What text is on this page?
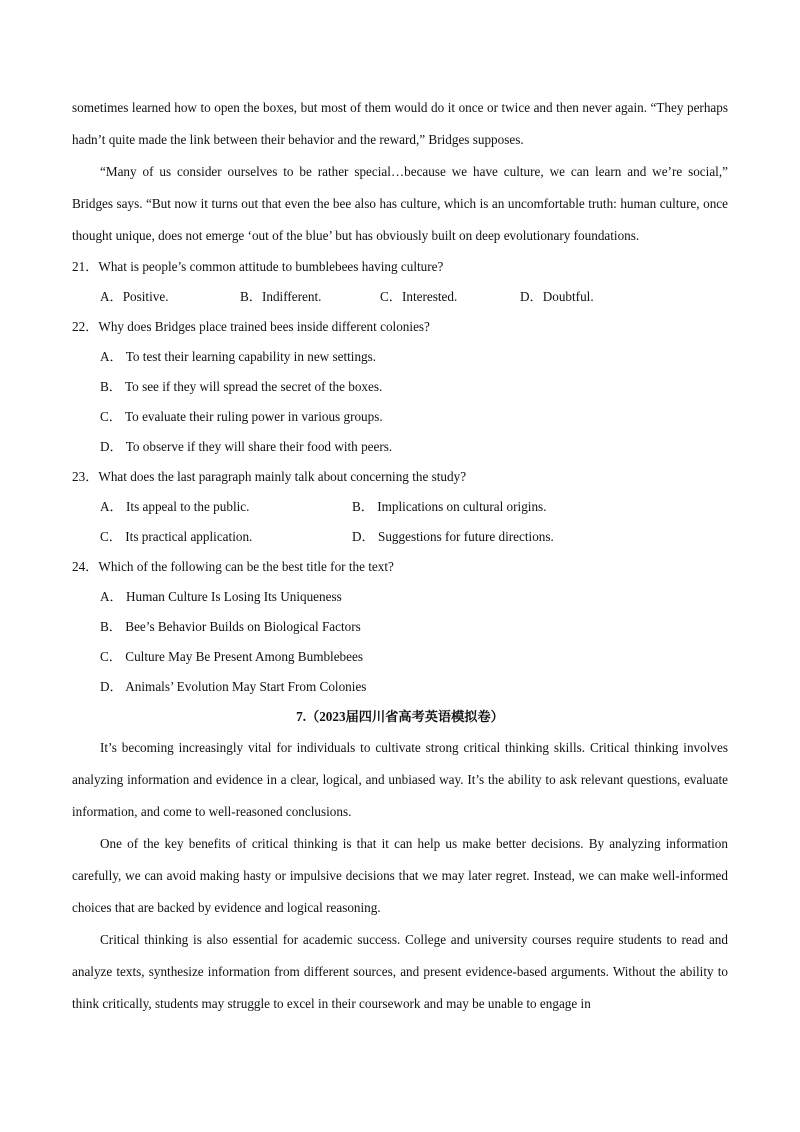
sometimes learned how to open the boxes, but most of them would do it once or twice and then never again. “They perhaps hadn’t quite made the link between their behavior and the reward,” Bridges supposes.

“Many of us consider ourselves to be rather special…because we have culture, we can learn and we’re social,” Bridges says. “But now it turns out that even the bee also has culture, which is an uncomfortable truth: human culture, once thought unique, does not emerge ‘out of the blue’ but has obviously built on deep evolutionary foundations.

21．What is people’s common attitude to bumblebees having culture?

A．Positive.	B．Indifferent.	C．Interested.	D．Doubtful.

22．Why does Bridges place trained bees inside different colonies?

A． To test their learning capability in new settings.

B． To see if they will spread the secret of the boxes.

C． To evaluate their ruling power in various groups.

D． To observe if they will share their food with peers.

23．What does the last paragraph mainly talk about concerning the study?

A． Its appeal to the public.	B． Implications on cultural origins.
C． Its practical application.	D． Suggestions for future directions.

24．Which of the following can be the best title for the text?

A． Human Culture Is Losing Its Uniqueness

B． Bee’s Behavior Builds on Biological Factors

C． Culture May Be Present Among Bumblebees

D． Animals’ Evolution May Start From Colonies

7.（2023届四川省高考英语模拟卷）

It’s becoming increasingly vital for individuals to cultivate strong critical thinking skills. Critical thinking involves analyzing information and evidence in a clear, logical, and unbiased way. It’s the ability to ask relevant questions, evaluate information, and come to well-reasoned conclusions.

One of the key benefits of critical thinking is that it can help us make better decisions. By analyzing information carefully, we can avoid making hasty or impulsive decisions that we may later regret. Instead, we can make well-informed choices that are backed by evidence and logical reasoning.

Critical thinking is also essential for academic success. College and university courses require students to read and analyze texts, synthesize information from different sources, and present evidence-based arguments. Without the ability to think critically, students may struggle to excel in their coursework and may be unable to engage in
